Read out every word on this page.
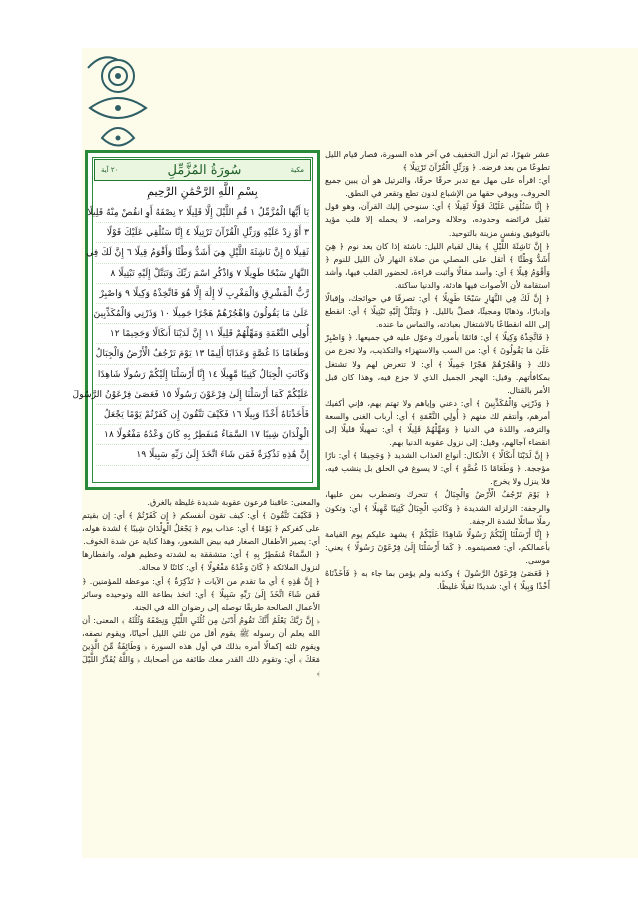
٢٠ آية	سُورَةُ المُزَّمِّلِ	مكية
بِسْمِ اللَّهِ الرَّحْمَٰنِ الرَّحِيمِ
يَا أَيُّهَا الْمُزَّمِّلُ ١ قُمِ اللَّيْلَ إِلَّا قَلِيلًا ٢ نِصْفَهُ أَوِ انقُصْ مِنْهُ قَلِيلًا
٣ أَوْ زِدْ عَلَيْهِ وَرَتِّلِ الْقُرْآنَ تَرْتِيلًا ٤ إِنَّا سَنُلْقِي عَلَيْكَ قَوْلًا
ثَقِيلًا ٥ إِنَّ نَاشِئَةَ اللَّيْلِ هِيَ أَشَدُّ وَطْئًا وَأَقْوَمُ قِيلًا ٦ إِنَّ لَكَ فِي
النَّهَارِ سَبْحًا طَوِيلًا ٧ وَاذْكُرِ اسْمَ رَبِّكَ وَتَبَتَّلْ إِلَيْهِ تَبْتِيلًا ٨
رَّبُّ الْمَشْرِقِ وَالْمَغْرِبِ لَا إِلَٰهَ إِلَّا هُوَ فَاتَّخِذْهُ وَكِيلًا ٩ وَاصْبِرْ
عَلَىٰ مَا يَقُولُونَ وَاهْجُرْهُمْ هَجْرًا جَمِيلًا ١٠ وَذَرْنِي وَالْمُكَذِّبِينَ
أُولِي النَّعْمَةِ وَمَهِّلْهُمْ قَلِيلًا ١١ إِنَّ لَدَيْنَا أَنكَالًا وَجَحِيمًا ١٢
وَطَعَامًا ذَا غُصَّةٍ وَعَذَابًا أَلِيمًا ١٣ يَوْمَ تَرْجُفُ الْأَرْضُ وَالْجِبَالُ
وَكَانَتِ الْجِبَالُ كَثِيبًا مَّهِيلًا ١٤ إِنَّا أَرْسَلْنَا إِلَيْكُمْ رَسُولًا شَاهِدًا
عَلَيْكُمْ كَمَا أَرْسَلْنَا إِلَىٰ فِرْعَوْنَ رَسُولًا ١٥ فَعَصَىٰ فِرْعَوْنُ الرَّسُولَ
فَأَخَذْنَاهُ أَخْذًا وَبِيلًا ١٦ فَكَيْفَ تَتَّقُونَ إِن كَفَرْتُمْ يَوْمًا يَجْعَلُ
الْوِلْدَانَ شِيبًا ١٧ السَّمَاءُ مُنفَطِرٌ بِهِ كَانَ وَعْدُهُ مَفْعُولًا ١٨
إِنَّ هَٰذِهِ تَذْكِرَةٌ فَمَن شَاءَ اتَّخَذَ إِلَىٰ رَبِّهِ سَبِيلًا ١٩

عشر شهرًا، ثم أنزل التخفيف في آخر هذه السورة، فصار قيام الليل تطوعًا من بعد فرضه. ﴿ وَرَتِّلِ الْقُرْآنَ تَرْتِيلًا ﴾

أي: اقرأه على مهل مع تدبر حرفًا حرفًا، والترتيل هو أن يبين جميع الحروف، ويوفي حقها من الإشباع لدون تطع وتقعر في النطق.

﴿ إِنَّا سَنُلْقِي عَلَيْكَ قَوْلًا ثَقِيلًا ﴾ أي: سنوحي إليك القرآن، وهو قول ثقيل فرائضه وحدوده، وحلاله وحرامه، لا يحمله إلا قلب مؤيد بالتوفيق ونفس مزينة بالتوحيد.

﴿ إِنَّ نَاشِئَةَ اللَّيْلِ ﴾ يقال لقيام الليل: ناشئة إذا كان بعد نوم ﴿ هِيَ أَشَدُّ وَطْئًا ﴾ أثقل على المصلي من صلاة النهار لأن الليل للنوم ﴿ وَأَقْوَمُ قِيلًا ﴾ أي: وأسد مقالًا وأثبت قراءة، لحضور القلب فيها، وأشد استقامة لأن الأصوات فيها هادئة، والدنيا ساكتة.

﴿ إِنَّ لَكَ فِي النَّهَارِ سَبْحًا طَوِيلًا ﴾ أي: تصرفًا في حوائجك، وإقبالًا وإدبارًا، وذهابًا ومجيئًا، فصلّ بالليل. ﴿ وَتَبَتَّلْ إِلَيْهِ تَبْتِيلًا ﴾ أي: انقطع إلى الله انقطاعًا بالاشتغال بعبادته، والتماس ما عنده.

﴿ فَاتَّخِذْهُ وَكِيلًا ﴾ أي: قائمًا بأمورك وعوّل عليه في جميعها. ﴿ وَاصْبِرْ عَلَىٰ مَا يَقُولُونَ ﴾ أي: من السب والاستهزاء والتكذيب، ولا تجزع من ذلك ﴿ وَاهْجُرْهُمْ هَجْرًا جَمِيلًا ﴾ أي: لا تتعرض لهم ولا تشتغل بمكافأتهم. وقيل: الهجر الجميل الذي لا جزع فيه، وهذا كان قبل الأمر بالقتال.

﴿ وَذَرْنِي وَالْمُكَذِّبِينَ ﴾ أي: دعني وإياهم ولا تهتم بهم، فإني أكفيك أمرهم، وأنتقم لك منهم ﴿ أُولِي النَّعْمَةِ ﴾ أي: أرباب الغنى والسعة والترفه، واللذة في الدنيا ﴿ وَمَهِّلْهُمْ قَلِيلًا ﴾ أي: تمهيلًا قليلًا إلى انقضاء آجالهم، وقيل: إلى نزول عقوبة الدنيا بهم.

﴿ إِنَّ لَدَيْنَا أَنكَالًا ﴾ الأنكال: أنواع العذاب الشديد ﴿ وَجَحِيمًا ﴾ أي: نارًا مؤججة. ﴿ وَطَعَامًا ذَا غُصَّةٍ ﴾ أي: لا يسوغ في الحلق بل ينشب فيه، فلا ينزل ولا يخرج.

﴿ يَوْمَ تَرْجُفُ الْأَرْضُ وَالْجِبَالُ ﴾ تتحرك وتضطرب بمن عليها، والرجفة: الزلزلة الشديدة ﴿ وَكَانَتِ الْجِبَالُ كَثِيبًا مَّهِيلًا ﴾ أي: وتكون رملًا سائلًا لشدة الرجفة.

﴿ إِنَّا أَرْسَلْنَا إِلَيْكُمْ رَسُولًا شَاهِدًا عَلَيْكُمْ ﴾ يشهد عليكم يوم القيامة بأعمالكم، أي: فعصيتموه. ﴿ كَمَا أَرْسَلْنَا إِلَىٰ فِرْعَوْنَ رَسُولًا ﴾ يعني: موسى.

﴿ فَعَصَىٰ فِرْعَوْنُ الرَّسُولَ ﴾ وكذبه ولم يؤمن بما جاء به ﴿ فَأَخَذْنَاهُ أَخْذًا وَبِيلًا ﴾ أي: شديدًا ثقيلًا غليظًا.

والمعنى: عاقبنا فرعون عقوبة شديدة غليظة بالغرق.

﴿ فَكَيْفَ تَتَّقُونَ ﴾ أي: كيف تقون أنفسكم ﴿ إِن كَفَرْتُمْ ﴾ أي: إن بقيتم على كفركم ﴿ يَوْمًا ﴾ أي: عذاب يوم ﴿ يَجْعَلُ الْوِلْدَانَ شِيبًا ﴾ لشدة هوله، أي: يصير الأطفال الصغار فيه بيض الشعور، وهذا كناية عن شدة الخوف.

﴿ السَّمَاءُ مُنفَطِرٌ بِهِ ﴾ أي: متشققة به لشدته وعظيم هوله، وانفطارها لنزول الملائكة ﴿ كَانَ وَعْدُهُ مَفْعُولًا ﴾ أي: كائنًا لا محالة.

﴿ إِنَّ هَٰذِهِ ﴾ أي ما تقدم من الآيات ﴿ تَذْكِرَةٌ ﴾ أي: موعظة للمؤمنين. ﴿ فَمَن شَاءَ اتَّخَذَ إِلَىٰ رَبِّهِ سَبِيلًا ﴾ أي: اتخذ بطاعة الله وتوحيده وسائر الأعمال الصالحة طريقًا توصله إلى رضوان الله في الجنة.

﴿ إِنَّ رَبَّكَ يَعْلَمُ أَنَّكَ تَقُومُ أَدْنَىٰ مِن ثُلُثَيِ اللَّيْلِ وَنِصْفَهُ وَثُلُثَهُ ﴾ المعنى: أن الله يعلم أن رسوله ﷺ يقوم أقل من ثلثي الليل أحيانًا، ويقوم نصفه، ويقوم ثلثه إكمالًا أمره بذلك في أول هذه السورة ﴿ وَطَائِفَةٌ مِّنَ الَّذِينَ مَعَكَ ﴾ أي: وتقوم ذلك القدر معك طائفة من أصحابك ﴿ وَاللَّهُ يُقَدِّرُ اللَّيْلَ ﴾
